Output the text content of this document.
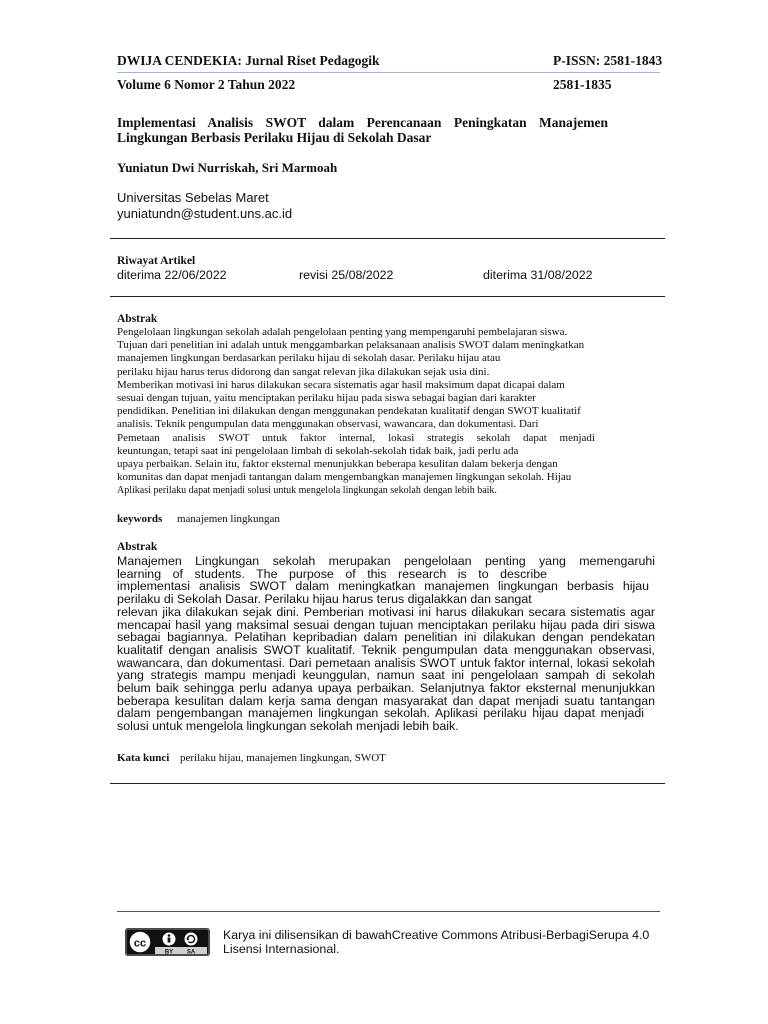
DWIJA CENDEKIA: Jurnal Riset Pedagogik	P-ISSN: 2581-1843
Volume 6 Nomor 2 Tahun 2022	2581-1835
Implementasi Analisis SWOT dalam Perencanaan Peningkatan Manajemen
Lingkungan Berbasis Perilaku Hijau di Sekolah Dasar
Yuniatun Dwi Nurriskah, Sri Marmoah
Universitas Sebelas Maret
yuniatundn@student.uns.ac.id
Riwayat Artikel
diterima 22/06/2022	revisi 25/08/2022	diterima 31/08/2022
Abstrak
Pengelolaan lingkungan sekolah adalah pengelolaan penting yang mempengaruhi pembelajaran siswa.
Tujuan dari penelitian ini adalah untuk menggambarkan pelaksanaan analisis SWOT dalam meningkatkan
manajemen lingkungan berdasarkan perilaku hijau di sekolah dasar. Perilaku hijau atau
perilaku hijau harus terus didorong dan sangat relevan jika dilakukan sejak usia dini.
Memberikan motivasi ini harus dilakukan secara sistematis agar hasil maksimum dapat dicapai dalam
sesuai dengan tujuan, yaitu menciptakan perilaku hijau pada siswa sebagai bagian dari karakter
pendidikan. Penelitian ini dilakukan dengan menggunakan pendekatan kualitatif dengan SWOT kualitatif
analisis. Teknik pengumpulan data menggunakan observasi, wawancara, dan dokumentasi. Dari
Pemetaan analisis SWOT untuk faktor internal, lokasi strategis sekolah dapat menjadi
keuntungan, tetapi saat ini pengelolaan limbah di sekolah-sekolah tidak baik, jadi perlu ada
upaya perbaikan. Selain itu, faktor eksternal menunjukkan beberapa kesulitan dalam bekerja dengan
komunitas dan dapat menjadi tantangan dalam mengembangkan manajemen lingkungan sekolah. Hijau
Aplikasi perilaku dapat menjadi solusi untuk mengelola lingkungan sekolah dengan lebih baik.
keywords manajemen lingkungan
Abstrak
Manajemen Lingkungan sekolah merupakan pengelolaan penting yang memengaruhi
learning of students. The purpose of this research is to describe
implementasi analisis SWOT dalam meningkatkan manajemen lingkungan berbasis hijau
perilaku di Sekolah Dasar. Perilaku hijau harus terus digalakkan dan sangat
relevan jika dilakukan sejak dini. Pemberian motivasi ini harus dilakukan secara sistematis agar
mencapai hasil yang maksimal sesuai dengan tujuan menciptakan perilaku hijau pada diri siswa
sebagai bagiannya. Pelatihan kepribadian dalam penelitian ini dilakukan dengan pendekatan
kualitatif dengan analisis SWOT kualitatif. Teknik pengumpulan data menggunakan observasi,
wawancara, dan dokumentasi. Dari pemetaan analisis SWOT untuk faktor internal, lokasi sekolah
yang strategis mampu menjadi keunggulan, namun saat ini pengelolaan sampah di sekolah
belum baik sehingga perlu adanya upaya perbaikan. Selanjutnya faktor eksternal menunjukkan
beberapa kesulitan dalam kerja sama dengan masyarakat dan dapat menjadi suatu tantangan
dalam pengembangan manajemen lingkungan sekolah. Aplikasi perilaku hijau dapat menjadi
solusi untuk mengelola lingkungan sekolah menjadi lebih baik.
Kata kunci perilaku hijau, manajemen lingkungan, SWOT
cc
BY SA
Karya ini dilisensikan di bawahCreative Commons Atribusi-BerbagiSerupa 4.0
Lisensi Internasional.
